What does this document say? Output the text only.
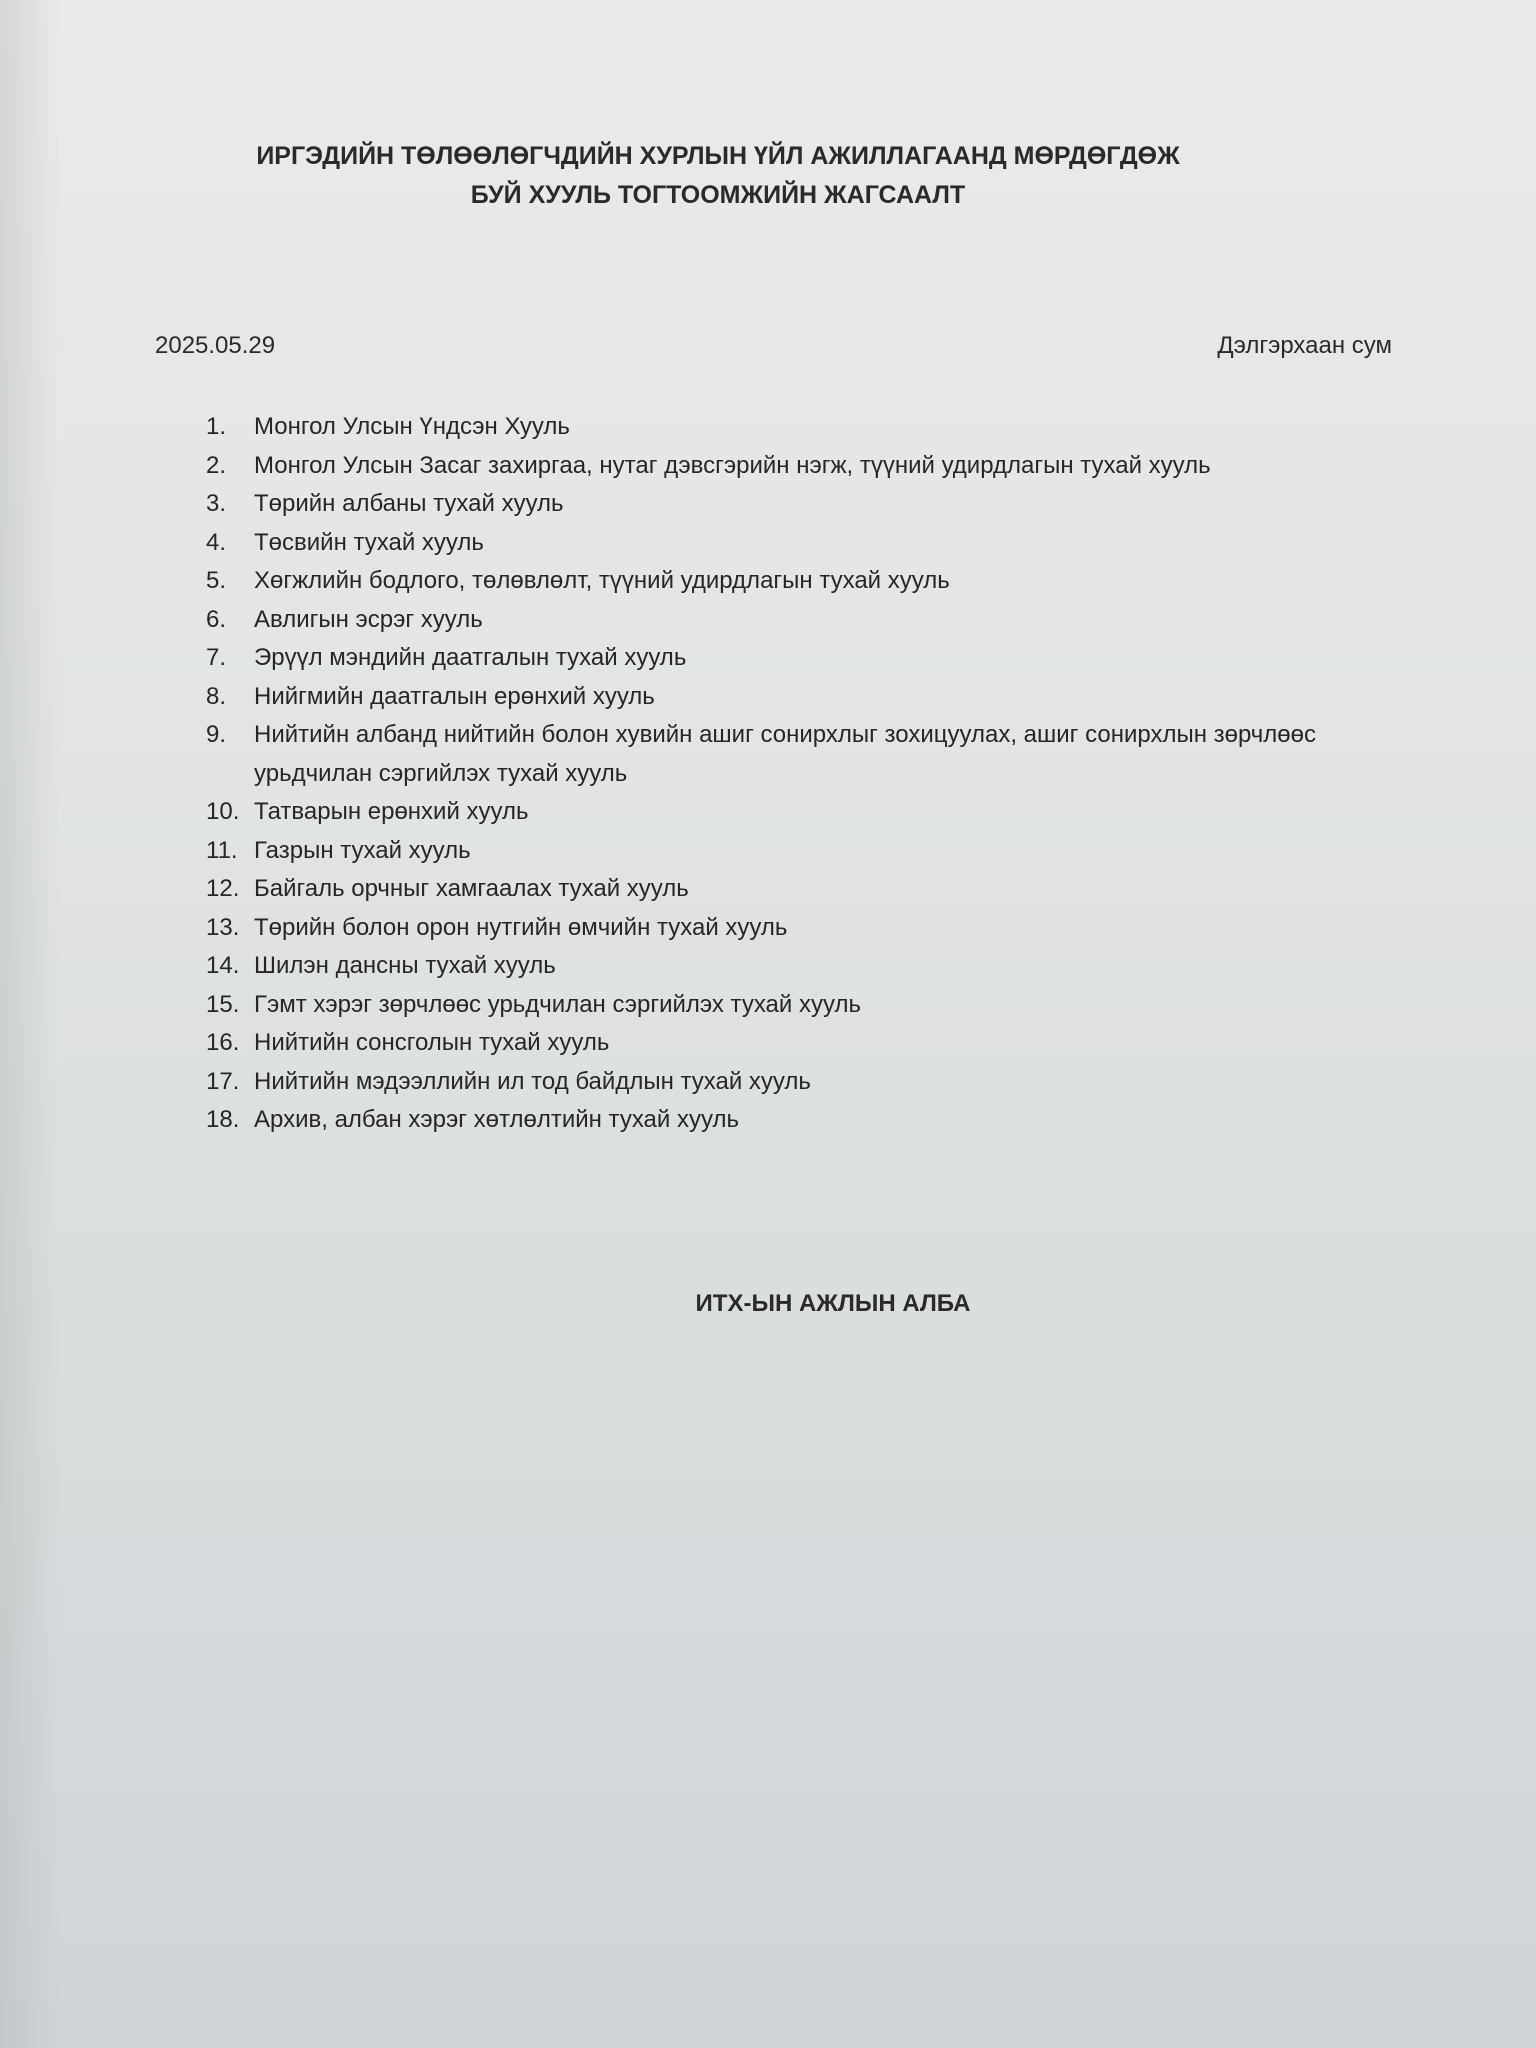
ИРГЭДИЙН ТӨЛӨӨЛӨГЧДИЙН ХУРЛЫН ҮЙЛ АЖИЛЛАГААНД МӨРДӨГДӨЖ
БУЙ ХУУЛЬ ТОГТООМЖИЙН ЖАГСААЛТ
2025.05.29	Дэлгэрхаан сум
1. Монгол Улсын Үндсэн Хууль
2. Монгол Улсын Засаг захиргаа, нутаг дэвсгэрийн нэгж, түүний удирдлагын тухай хууль
3. Төрийн албаны тухай хууль
4. Төсвийн тухай хууль
5. Хөгжлийн бодлого, төлөвлөлт, түүний удирдлагын тухай хууль
6. Авлигын эсрэг хууль
7. Эрүүл мэндийн даатгалын тухай хууль
8. Нийгмийн даатгалын ерөнхий хууль
9. Нийтийн албанд нийтийн болон хувийн ашиг сонирхлыг зохицуулах, ашиг сонирхлын зөрчлөөс урьдчилан сэргийлэх тухай хууль
10. Татварын ерөнхий хууль
11. Газрын тухай хууль
12. Байгаль орчныг хамгаалах тухай хууль
13. Төрийн болон орон нутгийн өмчийн тухай хууль
14. Шилэн дансны тухай хууль
15. Гэмт хэрэг зөрчлөөс урьдчилан сэргийлэх тухай хууль
16. Нийтийн сонсголын тухай хууль
17. Нийтийн мэдээллийн ил тод байдлын тухай хууль
18. Архив, албан хэрэг хөтлөлтийн тухай хууль
ИТХ-ЫН АЖЛЫН АЛБА
